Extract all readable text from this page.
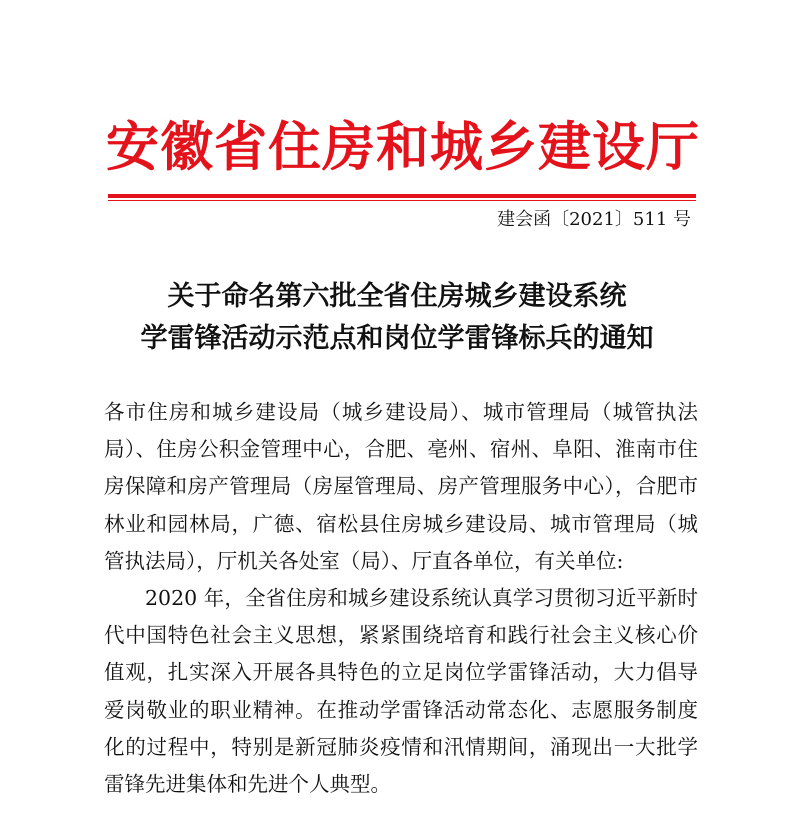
安徽省住房和城乡建设厅
建会函〔2021〕511 号
关于命名第六批全省住房城乡建设系统
学雷锋活动示范点和岗位学雷锋标兵的通知

各市住房和城乡建设局（城乡建设局）、城市管理局（城管执法局）、住房公积金管理中心，合肥、亳州、宿州、阜阳、淮南市住房保障和房产管理局（房屋管理局、房产管理服务中心），合肥市林业和园林局，广德、宿松县住房城乡建设局、城市管理局（城管执法局），厅机关各处室（局）、厅直各单位，有关单位:

2020 年，全省住房和城乡建设系统认真学习贯彻习近平新时代中国特色社会主义思想，紧紧围绕培育和践行社会主义核心价值观，扎实深入开展各具特色的立足岗位学雷锋活动，大力倡导爱岗敬业的职业精神。在推动学雷锋活动常态化、志愿服务制度化的过程中，特别是新冠肺炎疫情和汛情期间，涌现出一大批学雷锋先进集体和先进个人典型。
